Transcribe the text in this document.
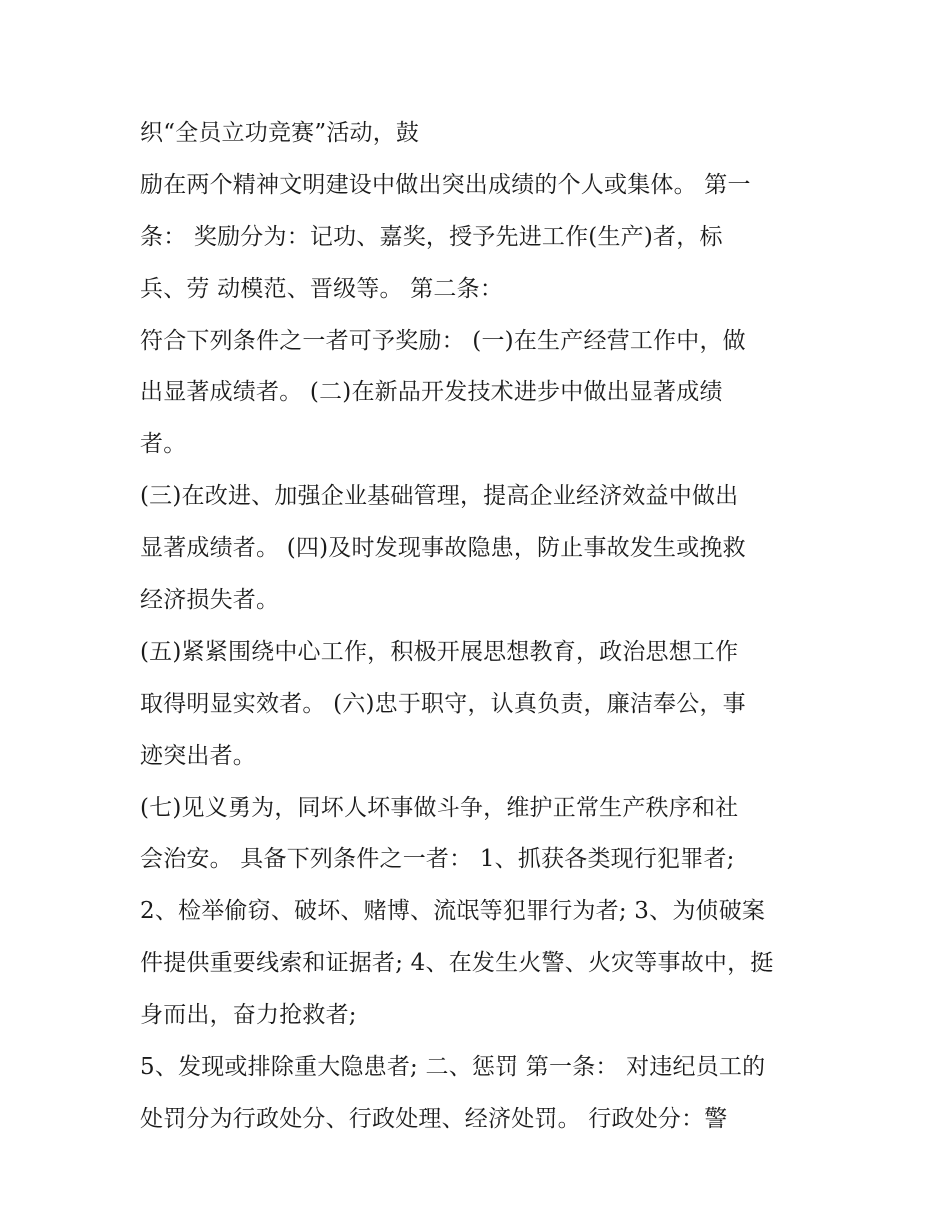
织“全员立功竞赛”活动，鼓
励在两个精神文明建设中做出突出成绩的个人或集体。 第一
条： 奖励分为：记功、嘉奖，授予先进工作(生产)者，标
兵、劳 动模范、晋级等。 第二条：
符合下列条件之一者可予奖励： (一)在生产经营工作中，做
出显著成绩者。 (二)在新品开发技术进步中做出显著成绩
者。
(三)在改进、加强企业基础管理，提高企业经济效益中做出
显著成绩者。 (四)及时发现事故隐患，防止事故发生或挽救
经济损失者。
(五)紧紧围绕中心工作，积极开展思想教育，政治思想工作
取得明显实效者。 (六)忠于职守，认真负责，廉洁奉公，事
迹突出者。
(七)见义勇为，同坏人坏事做斗争，维护正常生产秩序和社
会治安。 具备下列条件之一者： 1、抓获各类现行犯罪者;
2、检举偷窃、破坏、赌博、流氓等犯罪行为者; 3、为侦破案
件提供重要线索和证据者; 4、在发生火警、火灾等事故中，挺
身而出，奋力抢救者;
5、发现或排除重大隐患者; 二、惩罚 第一条： 对违纪员工的
处罚分为行政处分、行政处理、经济处罚。 行政处分：警
